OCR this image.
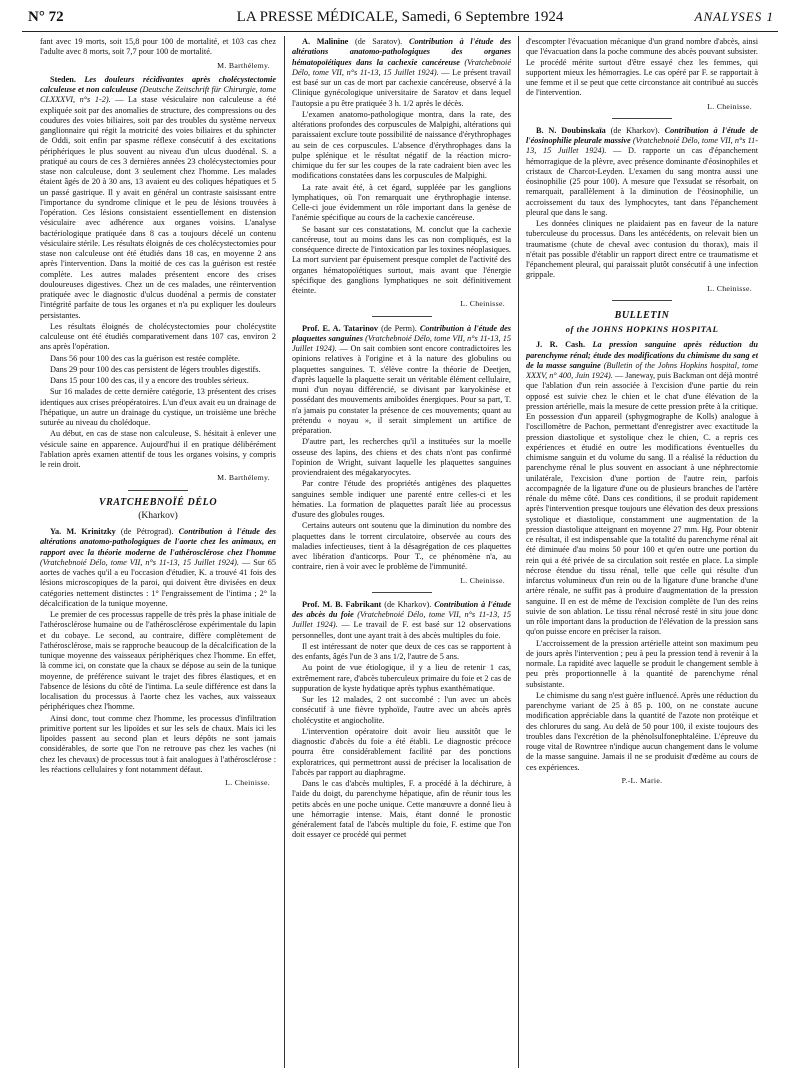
N° 72	LA PRESSE MÉDICALE, Samedi, 6 Septembre 1924	ANALYSES 1

fant avec 19 morts, soit 15,8 pour 100 de mortalité, et 103 cas chez l'adulte avec 8 morts, soit 7,7 pour 100 de mortalité.

M. Barthélemy.

Steden. Les douleurs récidivantes après cholécystectomie calculeuse et non calculeuse (Deutsche Zeitschrift für Chirurgie, tome CLXXXVI, n°s 1-2). — La stase vésiculaire non calculeuse a été expliquée soit par des anomalies de structure, des compressions ou des coudures des voies biliaires, soit par des troubles du système nerveux ganglionnaire qui régit la motricité des voies biliaires et du sphincter de Oddi, soit enfin par spasme réflexe consécutif à des excitations périphériques le plus souvent au niveau d'un ulcus duodénal. S. a pratiqué au cours de ces 3 dernières années 23 cholécystectomies pour stase non calculeuse, dont 3 seulement chez l'homme. Les malades étaient âgés de 20 à 30 ans, 13 avaient eu des coliques hépatiques et 5 un passé gastrique. Il y avait en général un contraste saisissant entre l'importance du syndrome clinique et le peu de lésions trouvées à l'opération. Ces lésions consistaient essentiellement en distension vésiculaire avec adhérence aux organes voisins. L'analyse bactériologique pratiquée dans 8 cas a toujours décelé un contenu vésiculaire stérile. Les résultats éloignés de ces cholécystectomies pour stase non calculeuse ont été étudiés dans 18 cas, en moyenne 2 ans après l'intervention. Dans la moitié de ces cas la guérison est restée complète. Les autres malades présentent encore des crises douloureuses digestives. Chez un de ces malades, une réintervention pratiquée avec le diagnostic d'ulcus duodénal a permis de constater l'intégrité parfaite de tous les organes et n'a pu expliquer les douleurs persistantes.

Les résultats éloignés de cholécystectomies pour cholécystite calculeuse ont été étudiés comparativement dans 107 cas, environ 2 ans après l'opération.

Dans 56 pour 100 des cas la guérison est restée complète.

Dans 29 pour 100 des cas persistent de légers troubles digestifs.

Dans 15 pour 100 des cas, il y a encore des troubles sérieux.

Sur 16 malades de cette dernière catégorie, 13 présentent des crises identiques aux crises préopératoires. L'un d'eux avait eu un drainage de l'hépatique, un autre un drainage du cystique, un troisième une brèche suturée au niveau du cholédoque.

Au début, en cas de stase non calculeuse, S. hésitait à enlever une vésicule saine en apparence. Aujourd'hui il en pratique délibérément l'ablation après examen attentif de tous les organes voisins, y compris le rein droit.

M. Barthélemy.
VRATCHEBNOÏÉ DÉLO
(Kharkov)

Ya. M. Krinitzky (de Pétrograd). Contribution à l'étude des altérations anatomo-pathologiques de l'aorte chez les animaux, en rapport avec la théorie moderne de l'athérosclérose chez l'homme (Vratchebnoié Délo, tome VII, n°s 11-13, 15 Juillet 1924). — Sur 65 aortes de vaches qu'il a eu l'occasion d'étudier, K. a trouvé 41 fois des lésions microscopiques de la paroi, qui doivent être divisées en deux catégories nettement distinctes : 1° l'engraissement de l'intima ; 2° la décalcification de la tunique moyenne.

Le premier de ces processus rappelle de très près la phase initiale de l'athérosclérose humaine ou de l'athérosclérose expérimentale du lapin et du cobaye. Le second, au contraire, diffère complètement de l'athérosclérose, mais se rapproche beaucoup de la décalcification de la tunique moyenne des vaisseaux périphériques chez l'homme. En effet, là comme ici, on constate que la chaux se dépose au sein de la tunique moyenne, de préférence suivant le trajet des fibres élastiques, et en l'absence de lésions du côté de l'intima. La seule différence est dans la localisation du processus à l'aorte chez les vaches, aux vaisseaux périphériques chez l'homme.

Ainsi donc, tout comme chez l'homme, les processus d'infiltration primitive portent sur les lipoïdes et sur les sels de chaux. Mais ici les lipoïdes passent au second plan et leurs dépôts ne sont jamais considérables, de sorte que l'on ne retrouve pas chez les vaches (ni chez les chevaux) de processus tout à fait analogues à l'athérosclérose : les réactions cellulaires y font notamment défaut.

L. Cheinisse.

A. Malinine (de Saratov). Contribution à l'étude des altérations anatomo-pathologiques des organes hématopoïétiques dans la cachexie cancéreuse (Vratchebnoié Délo, tome VII, n°s 11-13, 15 Juillet 1924). — Le présent travail est basé sur un cas de mort par cachexie cancéreuse, observé à la Clinique gynécologique universitaire de Saratov et dans lequel l'autopsie a pu être pratiquée 3 h. 1/2 après le décès.

L'examen anatomo-pathologique montra, dans la rate, des altérations profondes des corpuscules de Malpighi, altérations qui paraissaient exclure toute possibilité de naissance d'érythrophages au sein de ces corpuscules. L'absence d'érythrophages dans la pulpe splénique et le résultat négatif de la réaction micro-chimique du fer sur les coupes de la rate cadraient bien avec les modifications constatées dans les corpuscules de Malpighi.

La rate avait été, à cet égard, suppléée par les ganglions lymphatiques, où l'on remarquait une érythrophagie intense. Celle-ci joue évidemment un rôle important dans la genèse de l'anémie spécifique au cours de la cachexie cancéreuse.

Se basant sur ces constatations, M. conclut que la cachexie cancéreuse, tout au moins dans les cas non compliqués, est la conséquence directe de l'intoxication par les toxines néoplasiques. La mort survient par épuisement presque complet de l'activité des organes hématopoïétiques surtout, mais avant que l'énergie spécifique des ganglions lymphatiques ne soit définitivement éteinte.

L. Cheinisse.

Prof. E. A. Tatarinov (de Perm). Contribution à l'étude des plaquettes sanguines (Vratchebnoié Délo, tome VII, n°s 11-13, 15 Juillet 1924). — On sait combien sont encore contradictoires les opinions relatives à l'origine et à la nature des globulins ou plaquettes sanguines. T. s'élève contre la théorie de Deetjen, d'après laquelle la plaquette serait un véritable élément cellulaire, muni d'un noyau différencié, se divisant par karyokinèse et possédant des mouvements amiboïdes énergiques. Pour sa part, T. n'a jamais pu constater la présence de ces mouvements; quant au prétendu « noyau », il serait simplement un artifice de préparation.

D'autre part, les recherches qu'il a instituées sur la moelle osseuse des lapins, des chiens et des chats n'ont pas confirmé l'opinion de Wright, suivant laquelle les plaquettes sanguines proviendraient des mégakaryocytes.

Par contre l'étude des propriétés antigènes des plaquettes sanguines semble indiquer une parenté entre celles-ci et les hématies. La formation de plaquettes paraît liée au processus d'usure des globules rouges.

Certains auteurs ont soutenu que la diminution du nombre des plaquettes dans le torrent circulatoire, observée au cours des maladies infectieuses, tient à la désagrégation de ces plaquettes avec libération d'anticorps. Pour T., ce phénomène n'a, au contraire, rien à voir avec le problème de l'immunité.

L. Cheinisse.

Prof. M. B. Fabrikant (de Kharkov). Contribution à l'étude des abcès du foie (Vratchebnoié Délo, tome VII, n°s 11-13, 15 Juillet 1924). — Le travail de F. est basé sur 12 observations personnelles, dont une ayant trait à des abcès multiples du foie.

Il est intéressant de noter que deux de ces cas se rapportent à des enfants, âgés l'un de 3 ans 1/2, l'autre de 5 ans.

Au point de vue étiologique, il y a lieu de retenir 1 cas, extrêmement rare, d'abcès tuberculeux primaire du foie et 2 cas de suppuration de kyste hydatique après typhus exanthématique.

Sur les 12 malades, 2 ont succombé : l'un avec un abcès consécutif à une fièvre typhoïde, l'autre avec un abcès après cholécystite et angiocholite.

L'intervention opératoire doit avoir lieu aussitôt que le diagnostic d'abcès du foie a été établi. Le diagnostic précoce pourra être considérablement facilité par des ponctions exploratrices, qui permettront aussi de préciser la localisation de l'abcès par rapport au diaphragme.

Dans le cas d'abcès multiples, F. a procédé à la déchirure, à l'aide du doigt, du parenchyme hépatique, afin de réunir tous les petits abcès en une poche unique. Cette manœuvre a donné lieu à une hémorragie intense. Mais, étant donné le pronostic généralement fatal de l'abcès multiple du foie, F. estime que l'on doit essayer ce procédé qui permet

d'escompter l'évacuation mécanique d'un grand nombre d'abcès, ainsi que l'évacuation dans la poche commune des abcès pouvant subsister. Le procédé mérite surtout d'être essayé chez les femmes, qui supportent mieux les hémorragies. Le cas opéré par F. se rapportait à une femme et il se peut que cette circonstance ait contribué au succès de l'intervention.

L. Cheinisse.

B. N. Doubinskaïa (de Kharkov). Contribution à l'étude de l'éosinophilie pleurale massive (Vratchebnoié Délo, tome VII, n°s 11-13, 15 Juillet 1924). — D. rapporte un cas d'épanchement hémorragique de la plèvre, avec présence dominante d'éosinophiles et cristaux de Charcot-Leyden. L'examen du sang montra aussi une éosinophilie (25 pour 100). A mesure que l'exsudat se résorbait, on remarquait, parallèlement à la diminution de l'éosinophilie, un accroissement du taux des lymphocytes, tant dans l'épanchement pleural que dans le sang.

Les données cliniques ne plaidaient pas en faveur de la nature tuberculeuse du processus. Dans les antécédents, on relevait bien un traumatisme (chute de cheval avec contusion du thorax), mais il n'était pas possible d'établir un rapport direct entre ce traumatisme et l'épanchement pleural, qui paraissait plutôt consécutif à une infection grippale.

L. Cheinisse.
BULLETIN
of the JOHNS HOPKINS HOSPITAL

J. R. Cash. La pression sanguine après réduction du parenchyme rénal; étude des modifications du chimisme du sang et de la masse sanguine (Bulletin of the Johns Hopkins hospital, tome XXXV, n° 400, Juin 1924). — Janeway, puis Backman ont déjà montré que l'ablation d'un rein associée à l'excision d'une partie du rein opposé est suivie chez le chien et le chat d'une élévation de la pression artérielle, mais la mesure de cette pression prête à la critique. En possession d'un appareil (sphygmographe de Kolls) analogue à l'oscillomètre de Pachon, permettant d'enregistrer avec exactitude la pression diastolique et systolique chez le chien, C. a repris ces expériences et étudié en outre les modifications éventuelles du chimisme sanguin et du volume du sang. Il a réalisé la réduction du parenchyme rénal le plus souvent en associant à une néphrectomie unilatérale, l'excision d'une portion de l'autre rein, parfois accompagnée de la ligature d'une ou de plusieurs branches de l'artère rénale du même côté. Dans ces conditions, il se produit rapidement après l'intervention presque toujours une élévation des deux pressions systolique et diastolique, constamment une augmentation de la pression diastolique atteignant en moyenne 27 mm. Hg. Pour obtenir ce résultat, il est indispensable que la totalité du parenchyme rénal ait été diminuée d'au moins 50 pour 100 et qu'en outre une portion du rein qui a été privée de sa circulation soit restée en place. La simple nécrose étendue du tissu rénal, telle que celle qui résulte d'un infarctus volumineux d'un rein ou de la ligature d'une branche d'une artère rénale, ne suffit pas à produire d'augmentation de la pression sanguine. Il en est de même de l'excision complète de l'un des reins suivie de son ablation. Le tissu rénal nécrosé resté in situ joue donc un rôle important dans la production de l'élévation de la pression sans qu'on puisse encore en préciser la raison.

L'accroissement de la pression artérielle atteint son maximum peu de jours après l'intervention ; peu à peu la pression tend à revenir à la normale. La rapidité avec laquelle se produit le changement semble à peu près proportionnelle à la quantité de parenchyme rénal subsistante.

Le chimisme du sang n'est guère influencé. Après une réduction du parenchyme variant de 25 à 85 p. 100, on ne constate aucune modification appréciable dans la quantité de l'azote non protéique et des chlorures du sang. Au delà de 50 pour 100, il existe toujours des troubles dans l'excrétion de la phénolsulfonephtaléine. L'épreuve du rouge vital de Rowntree n'indique aucun changement dans le volume de la masse sanguine. Jamais il ne se produisit d'œdème au cours de ces expériences.

P.-L. Marie.
